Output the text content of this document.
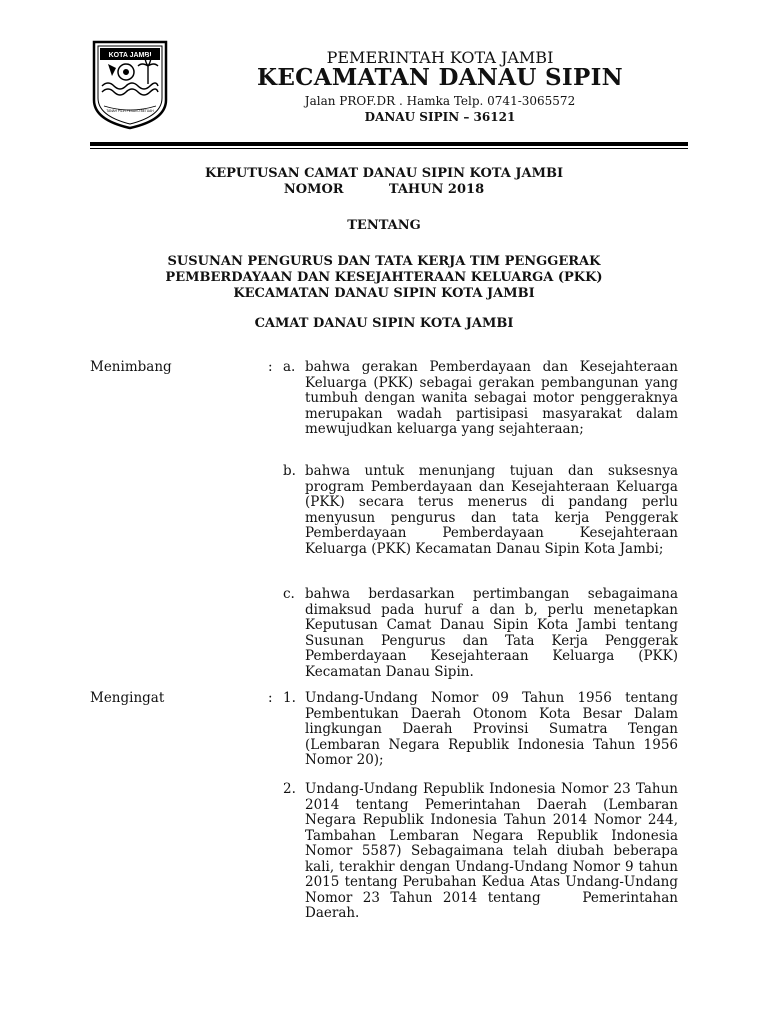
KOTA JAMBI
TANAH PILIH PESAKO BETUAH
PEMERINTAH KOTA JAMBI
KECAMATAN DANAU SIPIN
Jalan PROF.DR . Hamka Telp. 0741-3065572
DANAU SIPIN – 36121
KEPUTUSAN CAMAT DANAU SIPIN KOTA JAMBI
NOMOR          TAHUN 2018
TENTANG
SUSUNAN PENGURUS DAN TATA KERJA TIM PENGGERAK
PEMBERDAYAAN DAN KESEJAHTERAAN KELUARGA (PKK)
KECAMATAN DANAU SIPIN KOTA JAMBI
CAMAT DANAU SIPIN KOTA JAMBI
Menimbang	: a. bahwa gerakan Pemberdayaan dan Kesejahteraan Keluarga (PKK) sebagai gerakan pembangunan yang tumbuh dengan wanita sebagai motor penggeraknya merupakan wadah partisipasi masyarakat dalam mewujudkan keluarga yang sejahteraan;
b. bahwa untuk menunjang tujuan dan suksesnya program Pemberdayaan dan Kesejahteraan Keluarga (PKK) secara terus menerus di pandang perlu menyusun pengurus dan tata kerja Penggerak Pemberdayaan Pemberdayaan Kesejahteraan Keluarga (PKK) Kecamatan Danau Sipin Kota Jambi;
c. bahwa berdasarkan pertimbangan sebagaimana dimaksud pada huruf a dan b, perlu menetapkan Keputusan Camat Danau Sipin Kota Jambi tentang Susunan Pengurus dan Tata Kerja Penggerak Pemberdayaan Kesejahteraan Keluarga (PKK) Kecamatan Danau Sipin.
Mengingat	: 1. Undang-Undang Nomor 09 Tahun 1956 tentang Pembentukan Daerah Otonom Kota Besar Dalam lingkungan Daerah Provinsi Sumatra Tengan (Lembaran Negara Republik Indonesia Tahun 1956 Nomor 20);
2. Undang-Undang Republik Indonesia Nomor 23 Tahun 2014 tentang Pemerintahan Daerah (Lembaran Negara Republik Indonesia Tahun 2014 Nomor 244, Tambahan Lembaran Negara Republik Indonesia Nomor 5587) Sebagaimana telah diubah beberapa kali, terakhir dengan Undang-Undang Nomor 9 tahun 2015 tentang Perubahan Kedua Atas Undang-Undang Nomor 23 Tahun 2014 tentang    Pemerintahan Daerah.
